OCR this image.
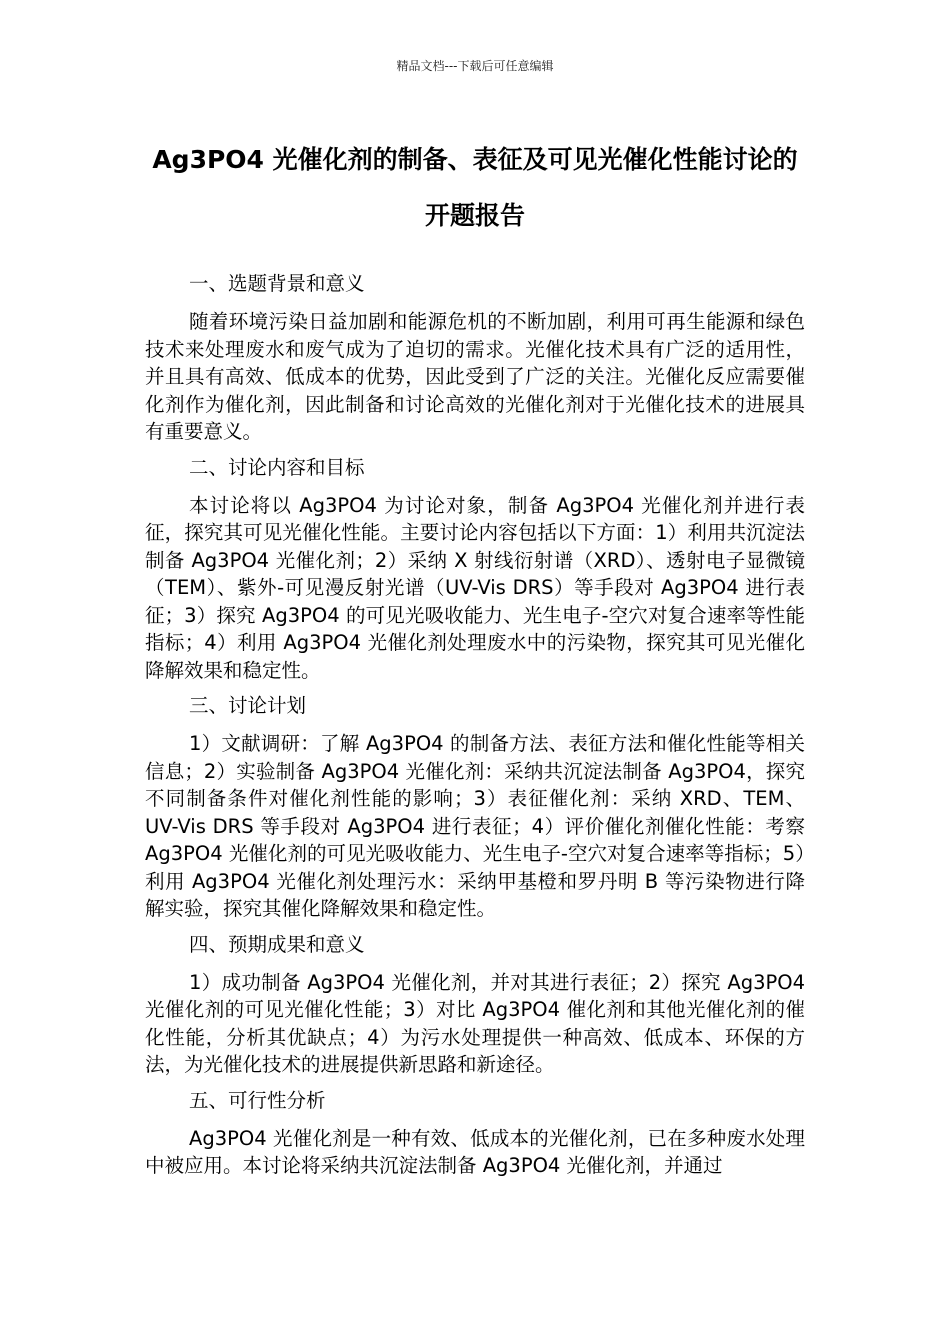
精品文档---下载后可任意编辑
Ag3PO4 光催化剂的制备、表征及可见光催化性能讨论的开题报告

一、选题背景和意义

随着环境污染日益加剧和能源危机的不断加剧，利用可再生能源和绿色技术来处理废水和废气成为了迫切的需求。光催化技术具有广泛的适用性，并且具有高效、低成本的优势，因此受到了广泛的关注。光催化反应需要催化剂作为催化剂，因此制备和讨论高效的光催化剂对于光催化技术的进展具有重要意义。

二、讨论内容和目标

本讨论将以 Ag3PO4 为讨论对象，制备 Ag3PO4 光催化剂并进行表征，探究其可见光催化性能。主要讨论内容包括以下方面：1）利用共沉淀法制备 Ag3PO4 光催化剂；2）采纳 X 射线衍射谱（XRD）、透射电子显微镜（TEM）、紫外-可见漫反射光谱（UV-Vis DRS）等手段对 Ag3PO4 进行表征；3）探究 Ag3PO4 的可见光吸收能力、光生电子-空穴对复合速率等性能指标；4）利用 Ag3PO4 光催化剂处理废水中的污染物，探究其可见光催化降解效果和稳定性。

三、讨论计划

1）文献调研：了解 Ag3PO4 的制备方法、表征方法和催化性能等相关信息；2）实验制备 Ag3PO4 光催化剂：采纳共沉淀法制备 Ag3PO4，探究不同制备条件对催化剂性能的影响；3）表征催化剂：采纳 XRD、TEM、UV-Vis DRS 等手段对 Ag3PO4 进行表征；4）评价催化剂催化性能：考察 Ag3PO4 光催化剂的可见光吸收能力、光生电子-空穴对复合速率等指标；5）利用 Ag3PO4 光催化剂处理污水：采纳甲基橙和罗丹明 B 等污染物进行降解实验，探究其催化降解效果和稳定性。

四、预期成果和意义

1）成功制备 Ag3PO4 光催化剂，并对其进行表征；2）探究 Ag3PO4 光催化剂的可见光催化性能；3）对比 Ag3PO4 催化剂和其他光催化剂的催化性能，分析其优缺点；4）为污水处理提供一种高效、低成本、环保的方法，为光催化技术的进展提供新思路和新途径。

五、可行性分析

Ag3PO4 光催化剂是一种有效、低成本的光催化剂，已在多种废水处理中被应用。本讨论将采纳共沉淀法制备 Ag3PO4 光催化剂，并通过
